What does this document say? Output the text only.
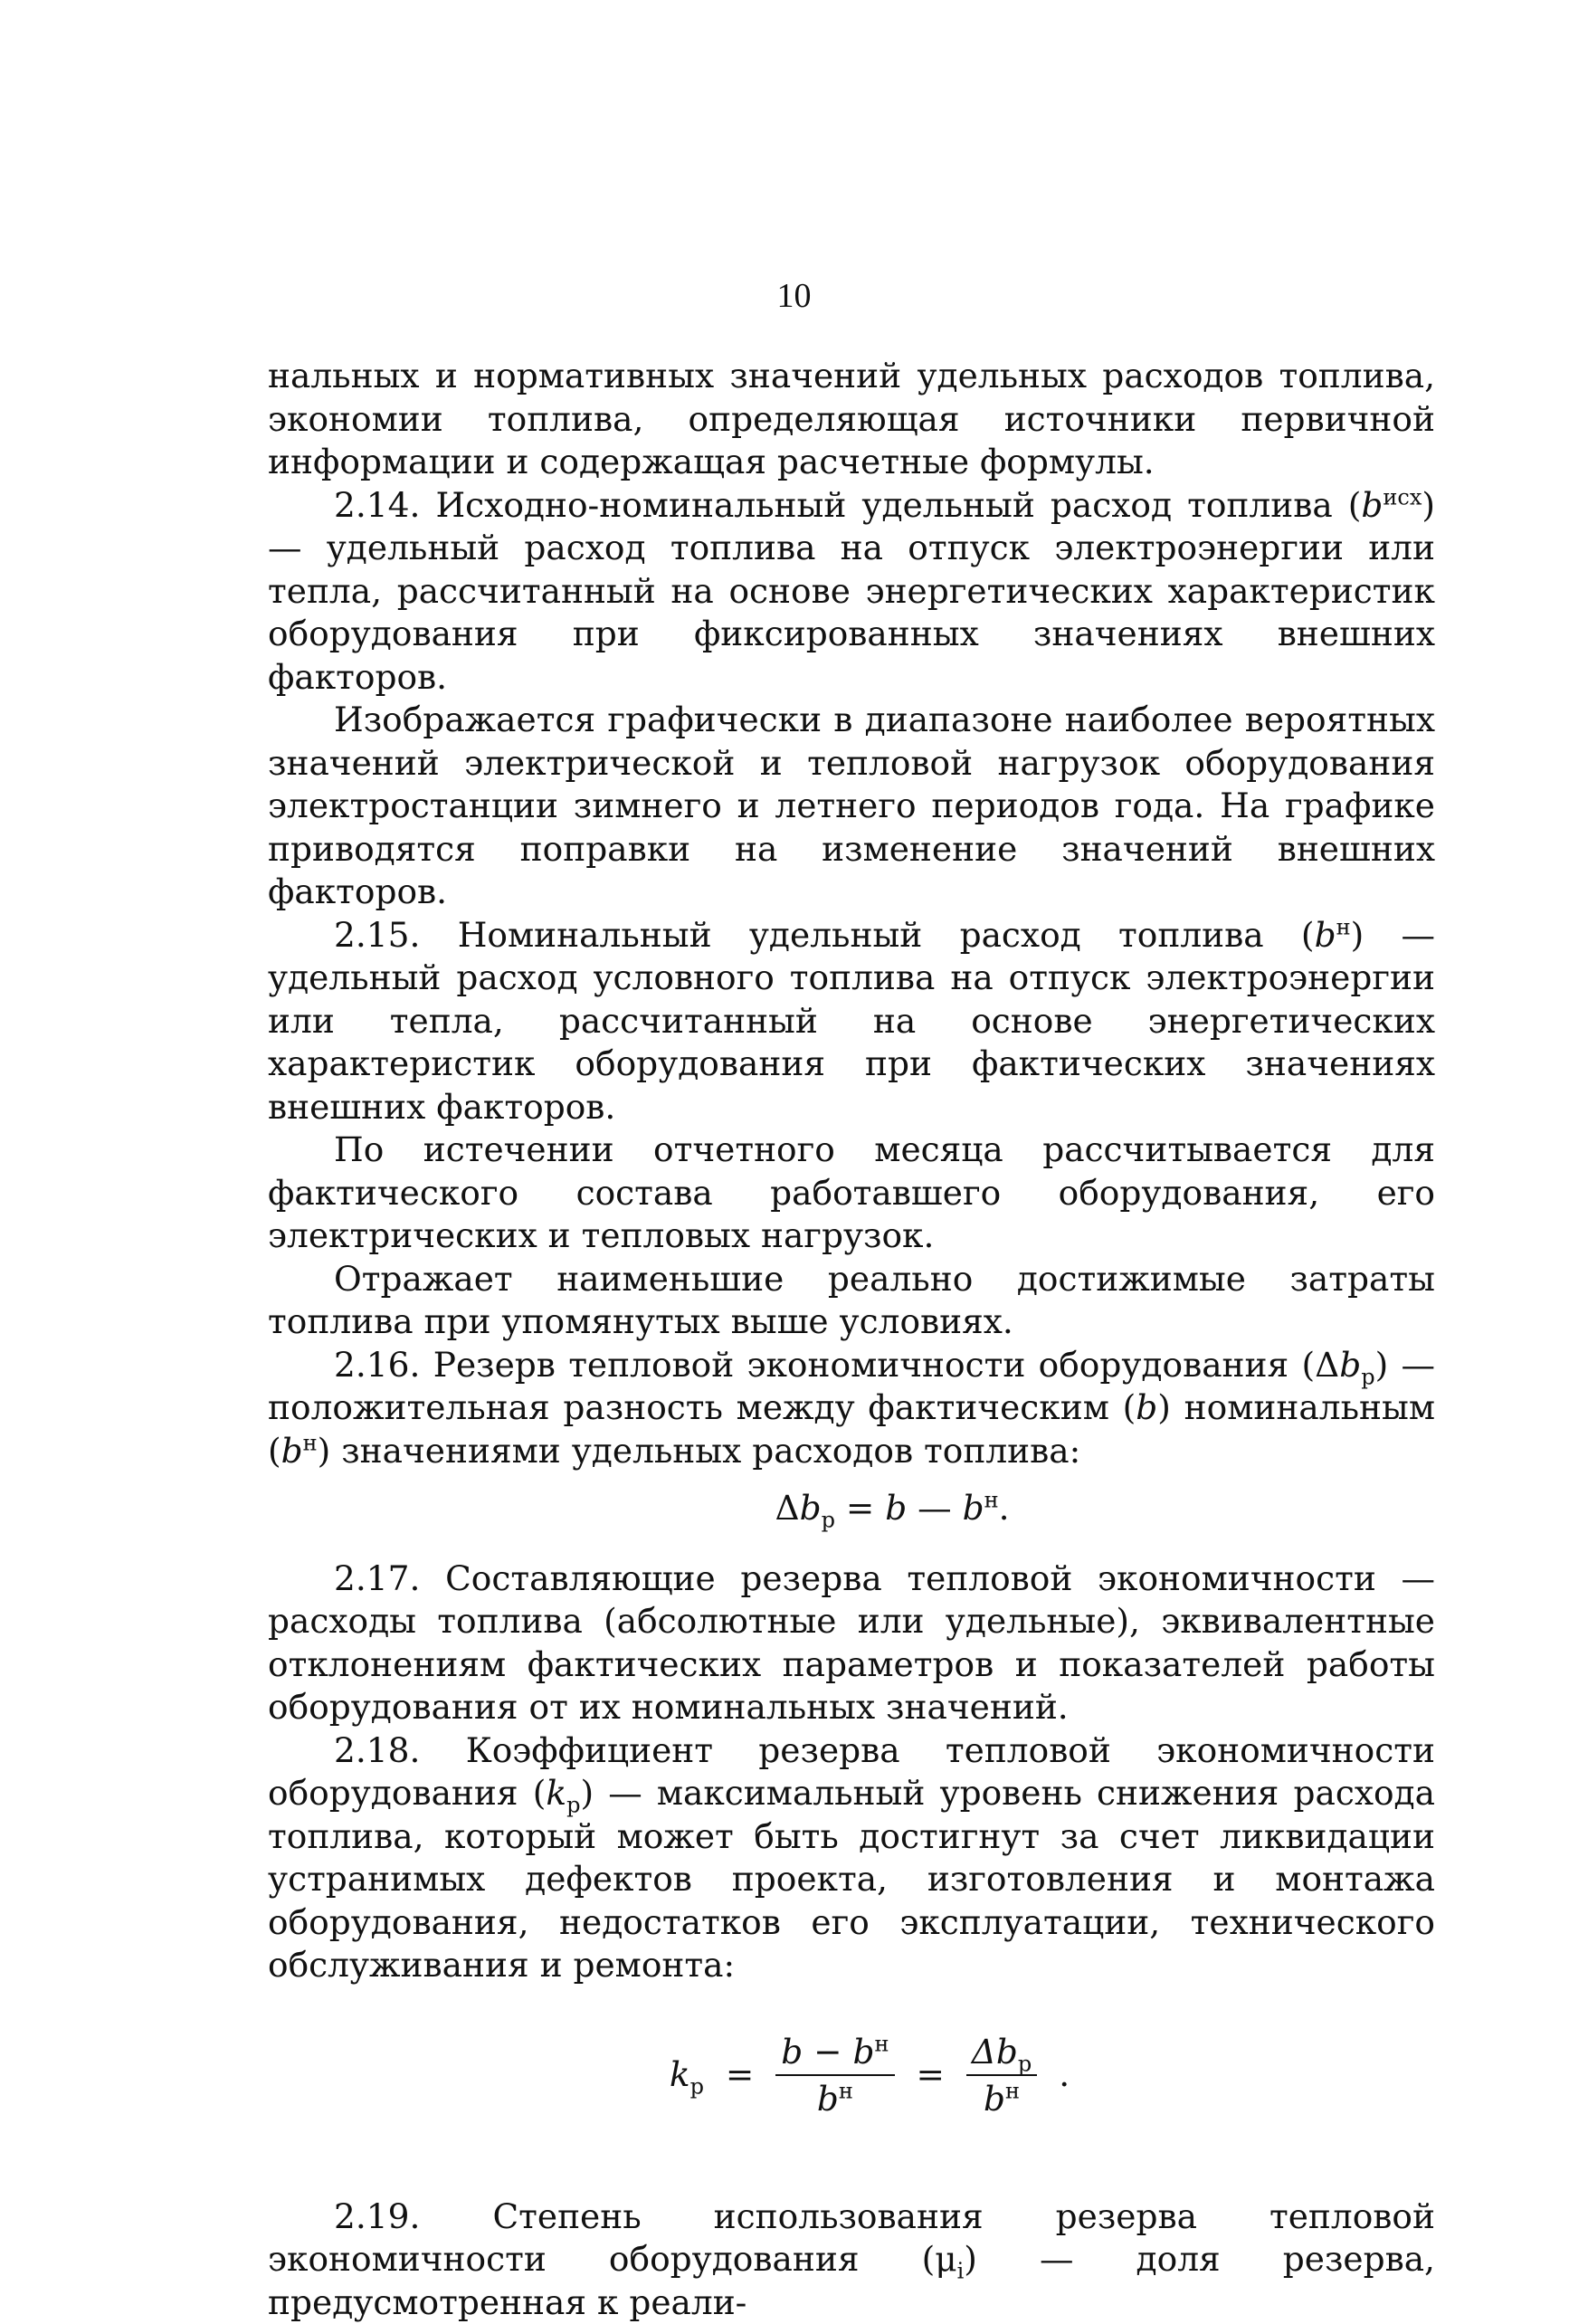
10

нальных и нормативных значений удельных расходов топлива, экономии топлива, определяющая источники первичной информации и содержащая расчетные формулы.

2.14. Исходно-номинальный удельный расход топлива $(b^{исх})$ — удельный расход топлива на отпуск электроэнергии или тепла, рассчитанный на основе энергетических характеристик оборудования при фиксированных значениях внешних факторов.

Изображается графически в диапазоне наиболее вероятных значений электрической и тепловой нагрузок оборудования электростанции зимнего и летнего периодов года. На графике приводятся поправки на изменение значений внешних факторов.

2.15. Номинальный удельный расход топлива $(b^н)$ — удельный расход условного топлива на отпуск электроэнергии или тепла, рассчитанный на основе энергетических характеристик оборудования при фактических значениях внешних факторов.

По истечении отчетного месяца рассчитывается для фактического состава работавшего оборудования, его электрических и тепловых нагрузок.

Отражает наименьшие реально достижимые затраты топлива при упомянутых выше условиях.

2.16. Резерв тепловой экономичности оборудования $(\Delta b_р)$ — положительная разность между фактическим (b) номинальным $(b^н)$ значениями удельных расходов топлива:

$\Delta b_р = b$ — $b^н$.

2.17. Составляющие резерва тепловой экономичности — расходы топлива (абсолютные или удельные), эквивалентные отклонениям фактических параметров и показателей работы оборудования от их номинальных значений.

2.18. Коэффициент резерва тепловой экономичности оборудования $(k_р)$ — максимальный уровень снижения расхода топлива, который может быть достигнут за счет ликвидации устранимых дефектов проекта, изготовления и монтажа оборудования, недостатков его эксплуатации, технического обслуживания и ремонта:

$k_р = \frac{b - b^н}{b^н} = \frac{\Delta b_р}{b^н}$ .

2.19. Степень использования резерва тепловой экономичности оборудования $(\mu_i)$ — доля резерва, предусмотренная к реали-
